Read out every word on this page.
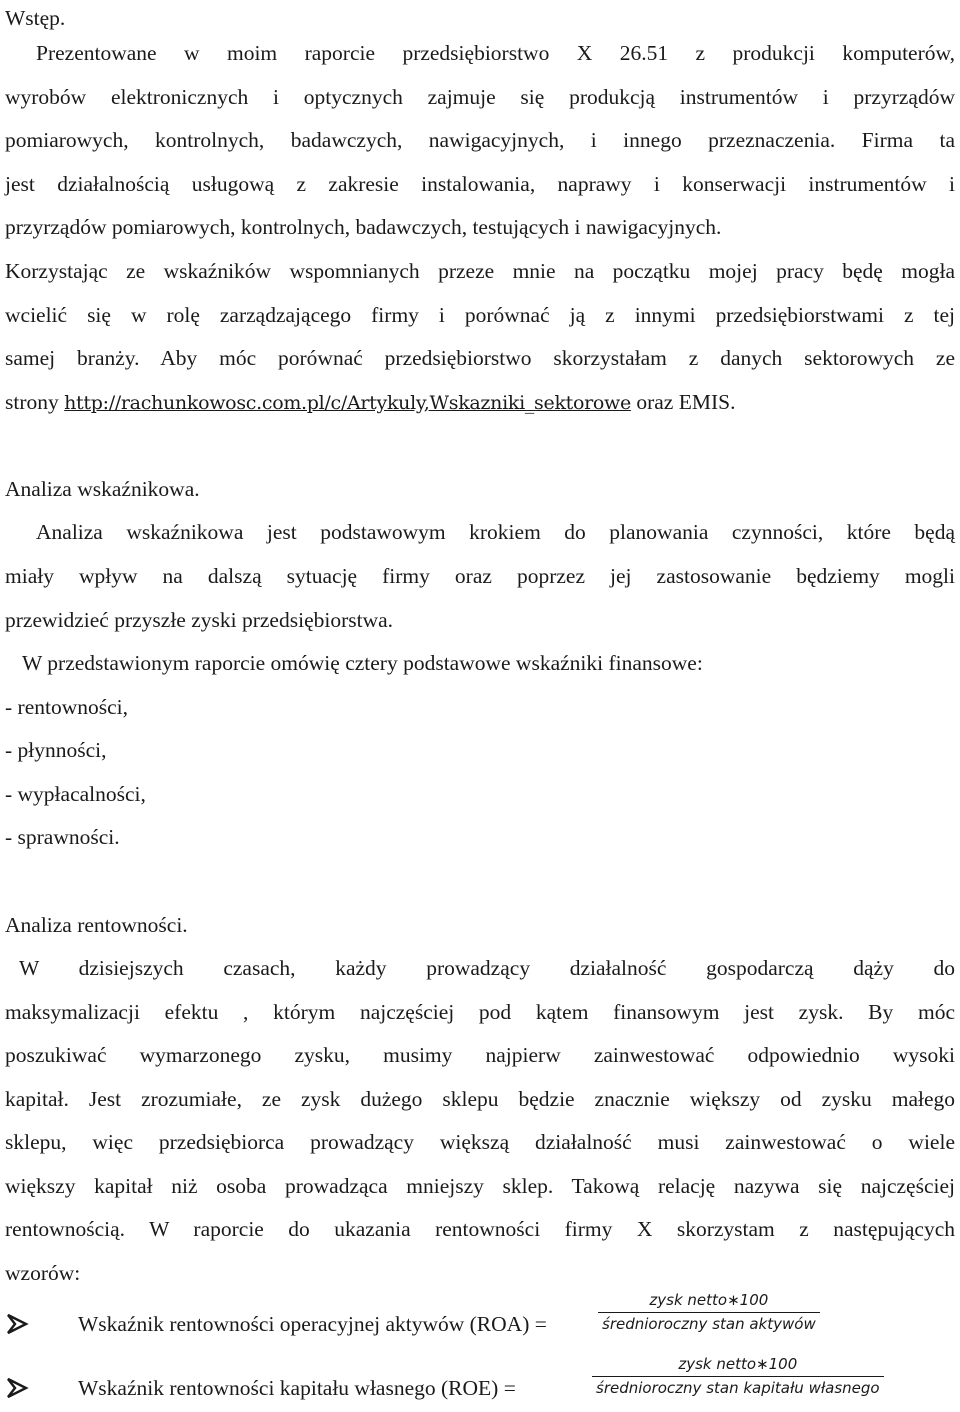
Wstęp.
Prezentowane w moim raporcie przedsiębiorstwo X 26.51 z produkcji komputerów,
wyrobów elektronicznych i optycznych zajmuje się produkcją instrumentów i przyrządów
pomiarowych, kontrolnych, badawczych, nawigacyjnych, i innego przeznaczenia. Firma ta
jest działalnością usługową z zakresie instalowania, naprawy i konserwacji instrumentów i
przyrządów pomiarowych, kontrolnych, badawczych, testujących i nawigacyjnych.
Korzystając ze wskaźników wspomnianych przeze mnie na początku mojej pracy będę mogła
wcielić się w rolę zarządzającego firmy i porównać ją z innymi przedsiębiorstwami z tej
samej branży. Aby móc porównać przedsiębiorstwo skorzystałam z danych sektorowych ze
strony http://rachunkowosc.com.pl/c/Artykuly,Wskazniki_sektorowe oraz EMIS.
Analiza wskaźnikowa.
Analiza wskaźnikowa jest podstawowym krokiem do planowania czynności, które będą
miały wpływ na dalszą sytuację firmy oraz poprzez jej zastosowanie będziemy mogli
przewidzieć przyszłe zyski przedsiębiorstwa.
W przedstawionym raporcie omówię cztery podstawowe wskaźniki finansowe:
- rentowności,
- płynności,
- wypłacalności,
- sprawności.
Analiza rentowności.
W dzisiejszych czasach, każdy prowadzący działalność gospodarczą dąży do
maksymalizacji efektu , którym najczęściej pod kątem finansowym jest zysk. By móc
poszukiwać wymarzonego zysku, musimy najpierw zainwestować odpowiednio wysoki
kapitał. Jest zrozumiałe, ze zysk dużego sklepu będzie znacznie większy od zysku małego
sklepu, więc przedsiębiorca prowadzący większą działalność musi zainwestować o wiele
większy kapitał niż osoba prowadząca mniejszy sklep. Takową relację nazywa się najczęściej
rentownością. W raporcie do ukazania rentowności firmy X skorzystam z następujących
wzorów:
Wskaźnik rentowności operacyjnej aktywów (ROA) =
zysk netto∗100
średnioroczny stan aktywów
Wskaźnik rentowności kapitału własnego (ROE) =
zysk netto∗100
średnioroczny stan kapitału własnego
